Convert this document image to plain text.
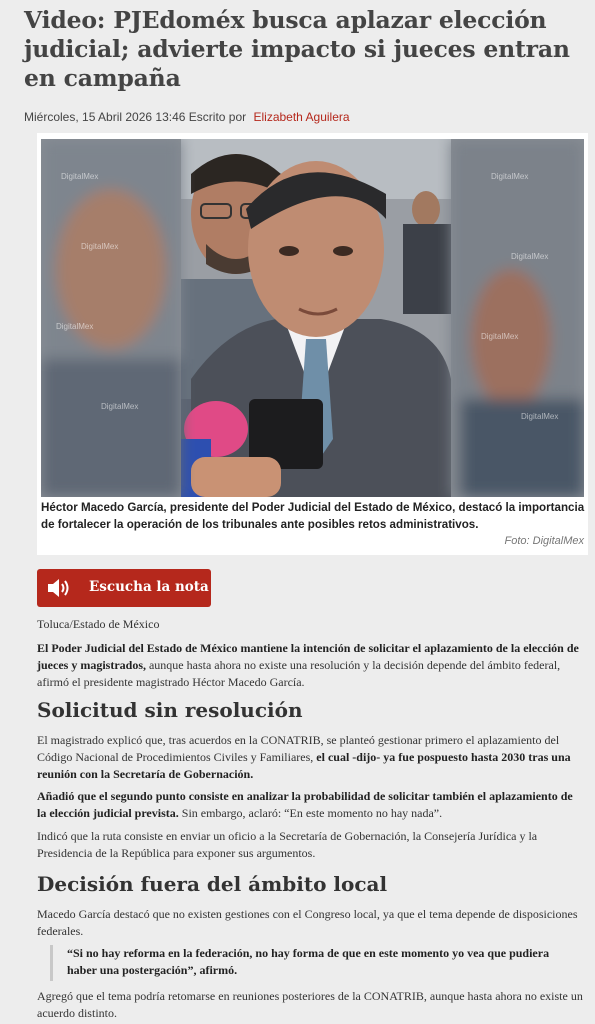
Video: PJEdoméx busca aplazar elección judicial; advierte impacto si jueces entran en campaña
Miércoles, 15 Abril 2026 13:46 Escrito por Elizabeth Aguilera
DigitalMex
DigitalMex
DigitalMex
DigitalMex
DigitalMex
DigitalMex
DigitalMex
DigitalMex

Héctor Macedo García, presidente del Poder Judicial del Estado de México, destacó la importancia de fortalecer la operación de los tribunales ante posibles retos administrativos.

Foto: DigitalMex
Escucha la nota
Toluca/Estado de México

El Poder Judicial del Estado de México mantiene la intención de solicitar el aplazamiento de la elección de jueces y magistrados, aunque hasta ahora no existe una resolución y la decisión depende del ámbito federal, afirmó el presidente magistrado Héctor Macedo García.

Solicitud sin resolución

El magistrado explicó que, tras acuerdos en la CONATRIB, se planteó gestionar primero el aplazamiento del Código Nacional de Procedimientos Civiles y Familiares, el cual -dijo- ya fue pospuesto hasta 2030 tras una reunión con la Secretaría de Gobernación.

Añadió que el segundo punto consiste en analizar la probabilidad de solicitar también el aplazamiento de la elección judicial prevista. Sin embargo, aclaró: “En este momento no hay nada”.

Indicó que la ruta consiste en enviar un oficio a la Secretaría de Gobernación, la Consejería Jurídica y la Presidencia de la República para exponer sus argumentos.

Decisión fuera del ámbito local

Macedo García destacó que no existen gestiones con el Congreso local, ya que el tema depende de disposiciones federales.

“Si no hay reforma en la federación, no hay forma de que en este momento yo vea que pudiera haber una postergación”, afirmó.

Agregó que el tema podría retomarse en reuniones posteriores de la CONATRIB, aunque hasta ahora no existe un acuerdo distinto.
